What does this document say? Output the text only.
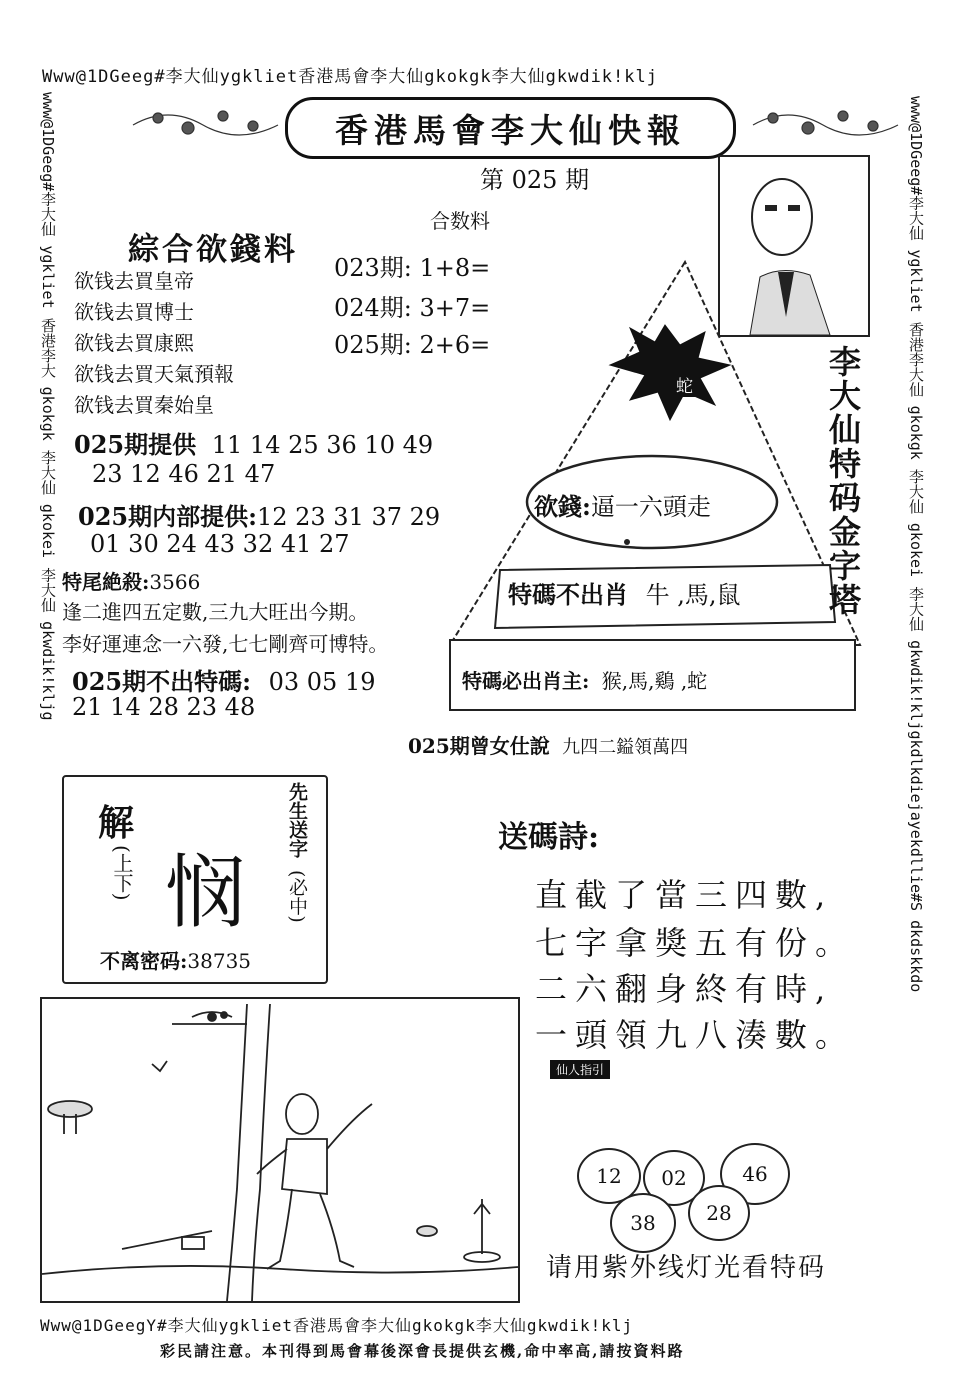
Www@1DGeeg#李大仙ygkliet香港馬會李大仙gkokgk李大仙gkwdik!klj
www@1DGeeg#李大仙 ygkliet 香港李大 gkokgk 李大仙 gkokei 李大仙 gkwdik!kljg	www@1DGeeg#李大仙 ygkliet 香港李大仙 gkokgk 李大仙 gkokei 李大仙 gkwdik!kljgkdlkdiejayekdllie#S dkdskkdo
香港馬會李大仙快報
第 025 期
合数料
023期: 1+8=
024期: 3+7=
025期: 2+6=
綜合欲錢料
欲钱去買皇帝
欲钱去買博士
欲钱去買康熙
欲钱去買天氣預報
欲钱去買秦始皇
蛇
欲錢:逼一六頭走
特碼不出肖 牛 ,馬,鼠
特碼必出肖主: 猴,馬,鷄 ,蛇
李大仙特码金字塔
025期提供 11 14 25 36 10 49
23 12 46 21 47
025期内部提供:12 23 31 37 29
01 30 24 43 32 41 27
特尾絶殺:3566
逢二進四五定數,三九大旺出今期。
李好運連念一六發,七七剛齊可博特。
025期不出特碼: 03 05 19
21 14 28 23 48
025期曾女仕說 九四二鎰領萬四
解
(上下) 悯
先生送字
(必中)
不离密码:38735
送碼詩:
直截了當三四數,
七字拿獎五有份。
二六翻身終有時,
一頭領九八湊數。
仙人指引
12	02	46
38	28
请用紫外线灯光看特码
Www@1DGeegY#李大仙ygkliet香港馬會李大仙gkokgk李大仙gkwdik!klj
彩民請注意。本刊得到馬會幕後深會長提供玄機,命中率高,請按資料路
